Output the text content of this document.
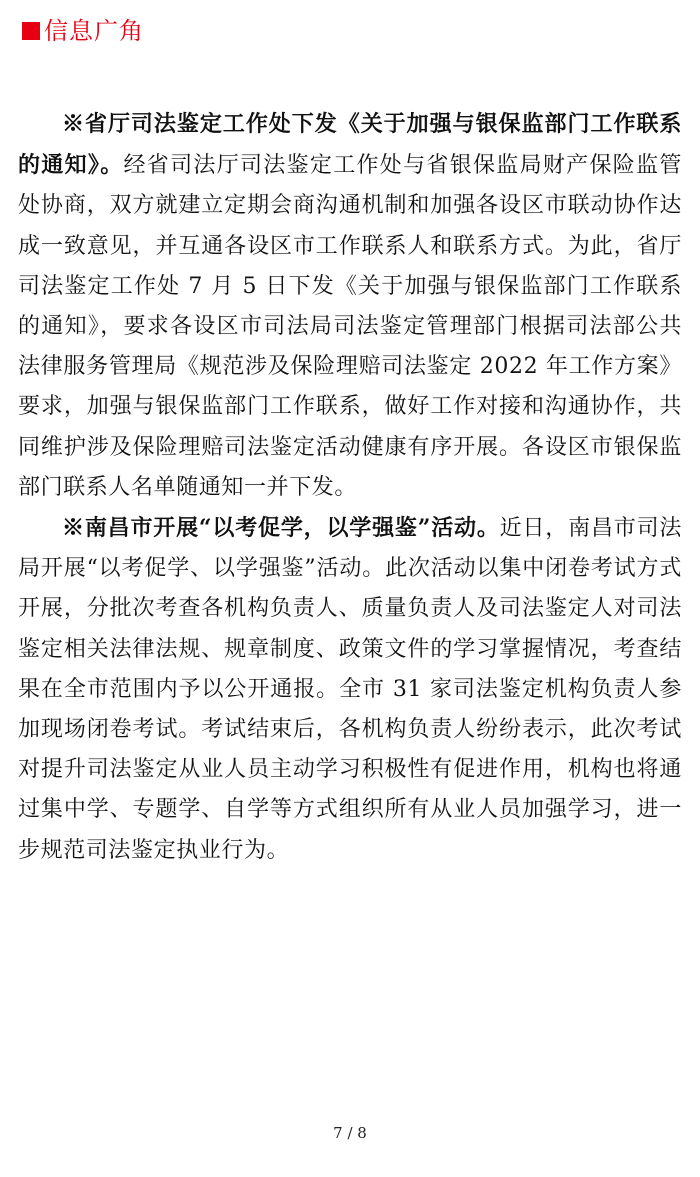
信息广角

※省厅司法鉴定工作处下发《关于加强与银保监部门工作联系的通知》。经省司法厅司法鉴定工作处与省银保监局财产保险监管处协商，双方就建立定期会商沟通机制和加强各设区市联动协作达成一致意见，并互通各设区市工作联系人和联系方式。为此，省厅司法鉴定工作处 7 月 5 日下发《关于加强与银保监部门工作联系的通知》，要求各设区市司法局司法鉴定管理部门根据司法部公共法律服务管理局《规范涉及保险理赔司法鉴定 2022 年工作方案》要求，加强与银保监部门工作联系，做好工作对接和沟通协作，共同维护涉及保险理赔司法鉴定活动健康有序开展。各设区市银保监部门联系人名单随通知一并下发。

※南昌市开展“以考促学，以学强鉴”活动。近日，南昌市司法局开展“以考促学、以学强鉴”活动。此次活动以集中闭卷考试方式开展，分批次考查各机构负责人、质量负责人及司法鉴定人对司法鉴定相关法律法规、规章制度、政策文件的学习掌握情况，考查结果在全市范围内予以公开通报。全市 31 家司法鉴定机构负责人参加现场闭卷考试。考试结束后，各机构负责人纷纷表示，此次考试对提升司法鉴定从业人员主动学习积极性有促进作用，机构也将通过集中学、专题学、自学等方式组织所有从业人员加强学习，进一步规范司法鉴定执业行为。

7 / 8
